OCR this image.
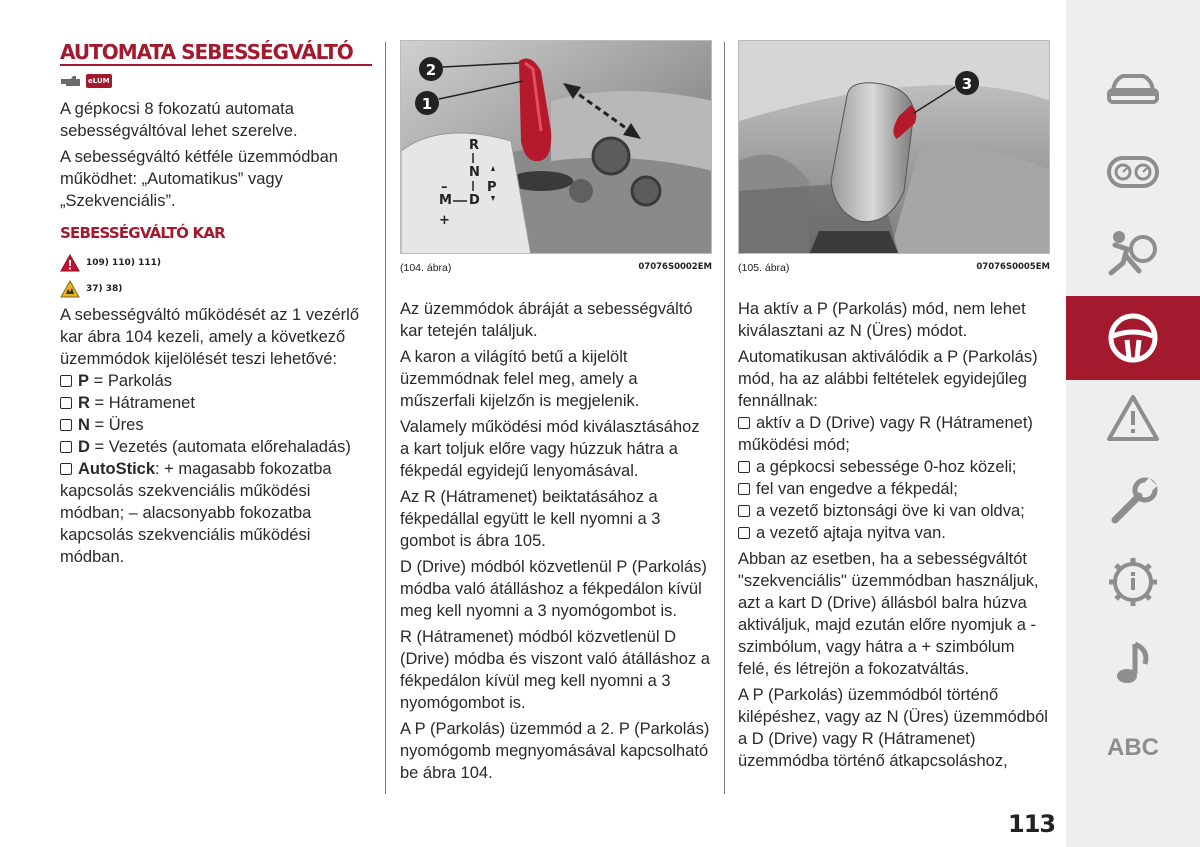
AUTOMATA SEBESSÉGVÁLTÓ
eLUM

A gépkocsi 8 fokozatú automata sebességváltóval lehet szerelve.

A sebességváltó kétféle üzemmódban működhet: „Automatikus” vagy „Szekvenciális”.

SEBESSÉGVÁLTÓ KAR
109) 110) 111)
37) 38)

A sebességváltó működését az 1 vezérlő kar ábra 104 kezeli, amely a következő üzemmódok kijelölését teszi lehetővé:

P = Parkolás
R = Hátramenet
N = Üres
D = Vezetés (automata előrehaladás)
AutoStick: + magasabb fokozatba kapcsolás szekvenciális működési módban; – alacsonyabb fokozatba kapcsolás szekvenciális működési módban.
2
1
R
N
D
P
–
M
+
(104. ábra)	07076S0002EM

Az üzemmódok ábráját a sebességváltó kar tetején találjuk.

A karon a világító betű a kijelölt üzemmódnak felel meg, amely a műszerfali kijelzőn is megjelenik.

Valamely működési mód kiválasztásához a kart toljuk előre vagy húzzuk hátra a fékpedál egyidejű lenyomásával.

Az R (Hátramenet) beiktatásához a fékpedállal együtt le kell nyomni a 3 gombot is ábra 105.

D (Drive) módból közvetlenül P (Parkolás) módba való átálláshoz a fékpedálon kívül meg kell nyomni a 3 nyomógombot is.

R (Hátramenet) módból közvetlenül D (Drive) módba és viszont való átálláshoz a fékpedálon kívül meg kell nyomni a 3 nyomógombot is.

A P (Parkolás) üzemmód a 2. P (Parkolás) nyomógomb megnyomásával kapcsolható be ábra 104.

3
(105. ábra)	07076S0005EM

Ha aktív a P (Parkolás) mód, nem lehet kiválasztani az N (Üres) módot.

Automatikusan aktiválódik a P (Parkolás) mód, ha az alábbi feltételek egyidejűleg fennállnak:

aktív a D (Drive) vagy R (Hátramenet) működési mód;
a gépkocsi sebessége 0-hoz közeli;
fel van engedve a fékpedál;
a vezető biztonsági öve ki van oldva;
a vezető ajtaja nyitva van.

Abban az esetben, ha a sebességváltót "szekvenciális" üzemmódban használjuk, azt a kart D (Drive) állásból balra húzva aktiváljuk, majd ezután előre nyomjuk a - szimbólum, vagy hátra a + szimbólum felé, és létrejön a fokozatváltás.

A P (Parkolás) üzemmódból történő kilépéshez, vagy az N (Üres) üzemmódból a D (Drive) vagy R (Hátramenet) üzemmódba történő átkapcsoláshoz,

113
ABC
